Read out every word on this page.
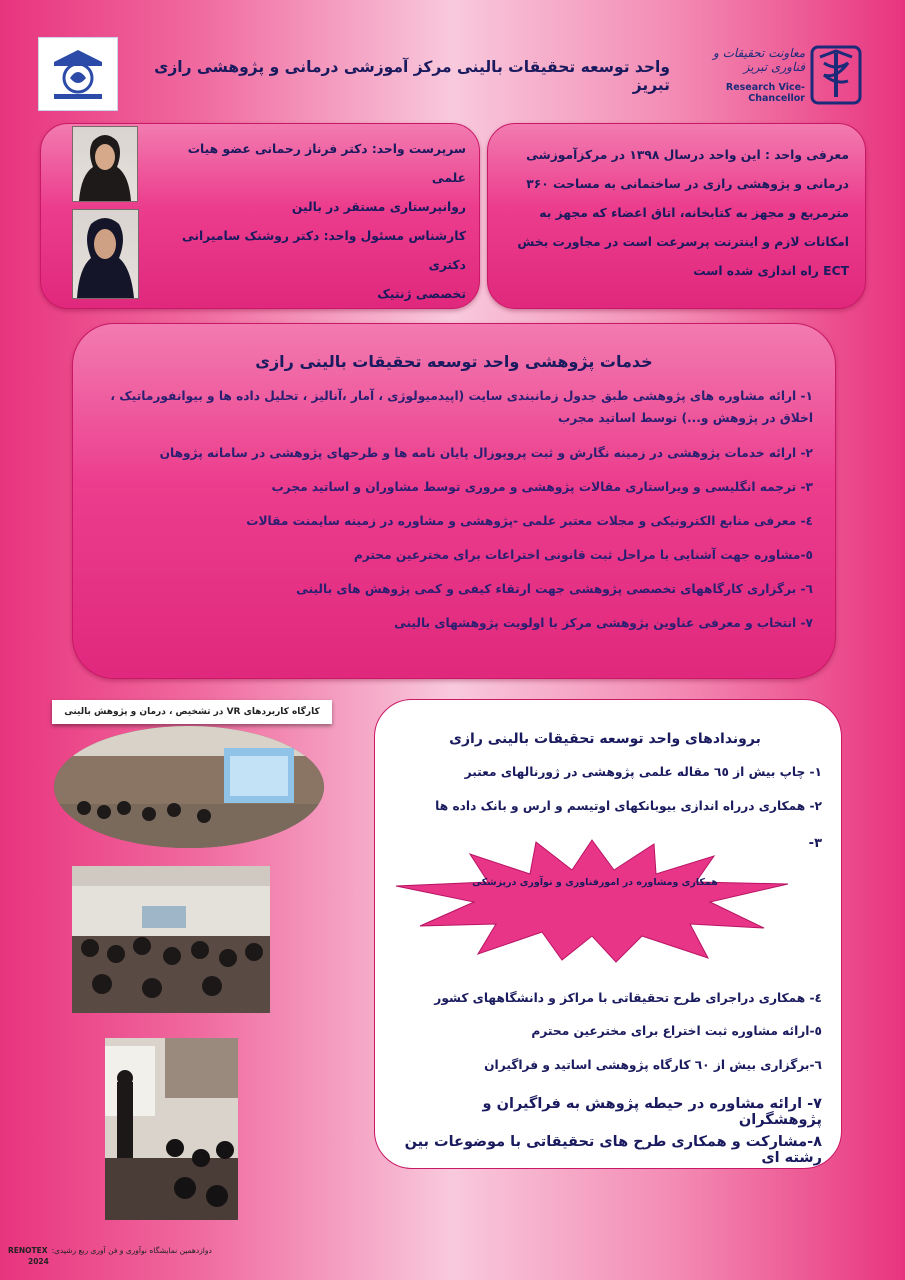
معاونت تحقیقات و فناوری تبریز
Research Vice-Chancellor
واحد توسعه تحقیقات بالینی مرکز آموزشی درمانی و پژوهشی رازی تبریز
معرفی واحد : این واحد درسال ۱۳۹۸ در مرکزآموزشی درمانی و پژوهشی رازی در ساختمانی به مساحت ۳۶۰ مترمربع و مجهز به کتابخانه، اتاق اعضاء که مجهز به امکانات لازم و اینترنت پرسرعت است در مجاورت بخش ECT راه اندازی شده است
سرپرست واحد: دکتر فرناز رحمانی عضو هیات علمی
روانپرستاری مستقر در بالین
کارشناس مسئول واحد: دکتر روشنک سامیرانی دکتری
تخصصی ژنتیک
خدمات پژوهشی واحد توسعه تحقیقات بالینی رازی
۱- ارائه مشاوره های پژوهشی طبق جدول زمانبندی سایت (اپیدمیولوژی ، آمار ،آنالیز ، تحلیل داده ها و بیوانفورماتیک ، اخلاق در پژوهش و...) توسط اساتید مجرب
۲- ارائه خدمات پژوهشی در زمینه نگارش و ثبت پروپوزال پایان نامه ها و طرحهای پژوهشی در سامانه پژوهان
۳- ترجمه انگلیسی و ویراستاری مقالات پژوهشی و مروری توسط مشاوران و اساتید مجرب
٤- معرفی منابع الکترونیکی و مجلات معتبر علمی -پژوهشی و مشاوره در زمینه سایمنت مقالات
٥-مشاوره جهت آشنایی با مراحل ثبت قانونی اختراعات برای مخترعین محترم
٦- برگزاری کارگاههای تخصصی پژوهشی جهت ارتقاء کیفی و کمی پژوهش های بالینی
۷- انتخاب و معرفی عناوین پژوهشی مرکز با اولویت پژوهشهای بالینی
کارگاه کاربردهای VR در تشخیص ، درمان و پژوهش بالینی
بروندادهای واحد توسعه تحقیقات بالینی رازی
۱- چاپ بیش از ٦٥ مقاله علمی پژوهشی در ژورنالهای معتبر
۲- همکاری درراه اندازی بیوبانکهای اوتیسم و ارس و بانک داده ها
۳-
همکاری ومشاوره در امورفناوری و نوآوری درپزشکی
٤- همکاری دراجرای طرح تحقیقاتی با مراکز و دانشگاههای کشور
٥-ارائه مشاوره ثبت اختراع برای مخترعین محترم
٦-برگزاری بیش از ٦٠ کارگاه پژوهشی اساتید و فراگیران
۷- ارائه مشاوره در حیطه پژوهش به فراگیران و پژوهشگران
۸-مشارکت و همکاری طرح های تحقیقاتی با موضوعات بین رشته ای
RENOTEX دوازدهمین نمایشگاه نوآوری و فن آوری ربع رشیدی:
2024
